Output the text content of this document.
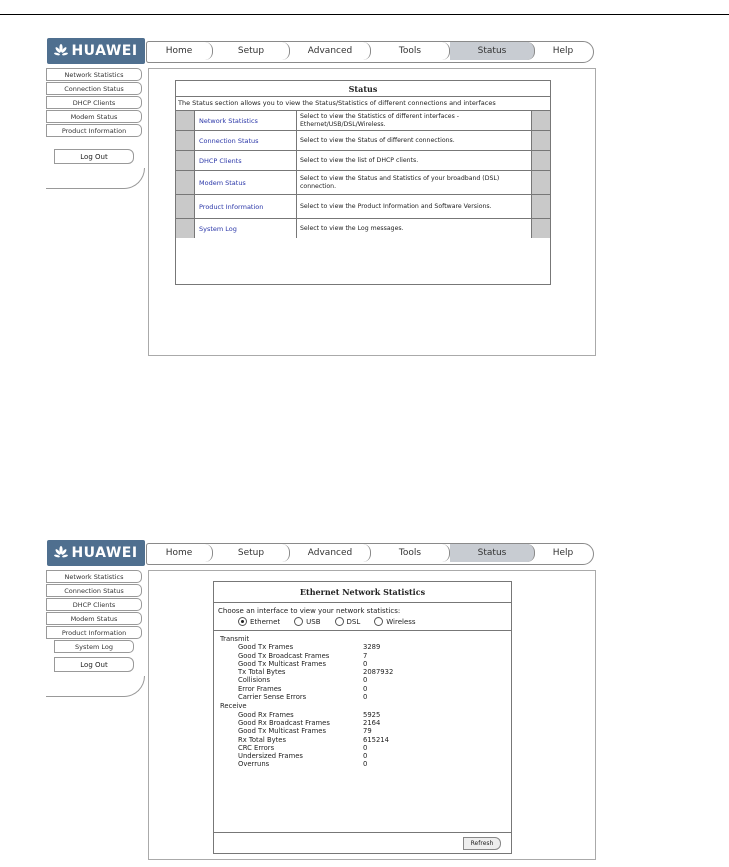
HUAWEI	Home	Setup	Advanced	Tools	Status	Help
Network Statistics
Connection Status
DHCP Clients
Modem Status
Product Information
Log Out
Status
The Status section allows you to view the Status/Statistics of different connections and interfaces
Network Statistics	Select to view the Statistics of different interfaces - Ethernet/USB/DSL/Wireless.
Connection Status	Select to view the Status of different connections.
DHCP Clients	Select to view the list of DHCP clients.
Modem Status	Select to view the Status and Statistics of your broadband (DSL) connection.
Product Information	Select to view the Product Information and Software Versions.
System Log	Select to view the Log messages.
HUAWEI	Home	Setup	Advanced	Tools	Status	Help
Network Statistics
Connection Status
DHCP Clients
Modem Status
Product Information
System Log
Log Out
Ethernet Network Statistics
Choose an interface to view your network statistics:
Ethernet	USB	DSL	Wireless
Transmit
Good Tx Frames	3289
Good Tx Broadcast Frames	7
Good Tx Multicast Frames	0
Tx Total Bytes	2087932
Collisions	0
Error Frames	0
Carrier Sense Errors	0
Receive
Good Rx Frames	5925
Good Rx Broadcast Frames	2164
Good Tx Multicast Frames	79
Rx Total Bytes	615214
CRC Errors	0
Undersized Frames	0
Overruns	0
Refresh
